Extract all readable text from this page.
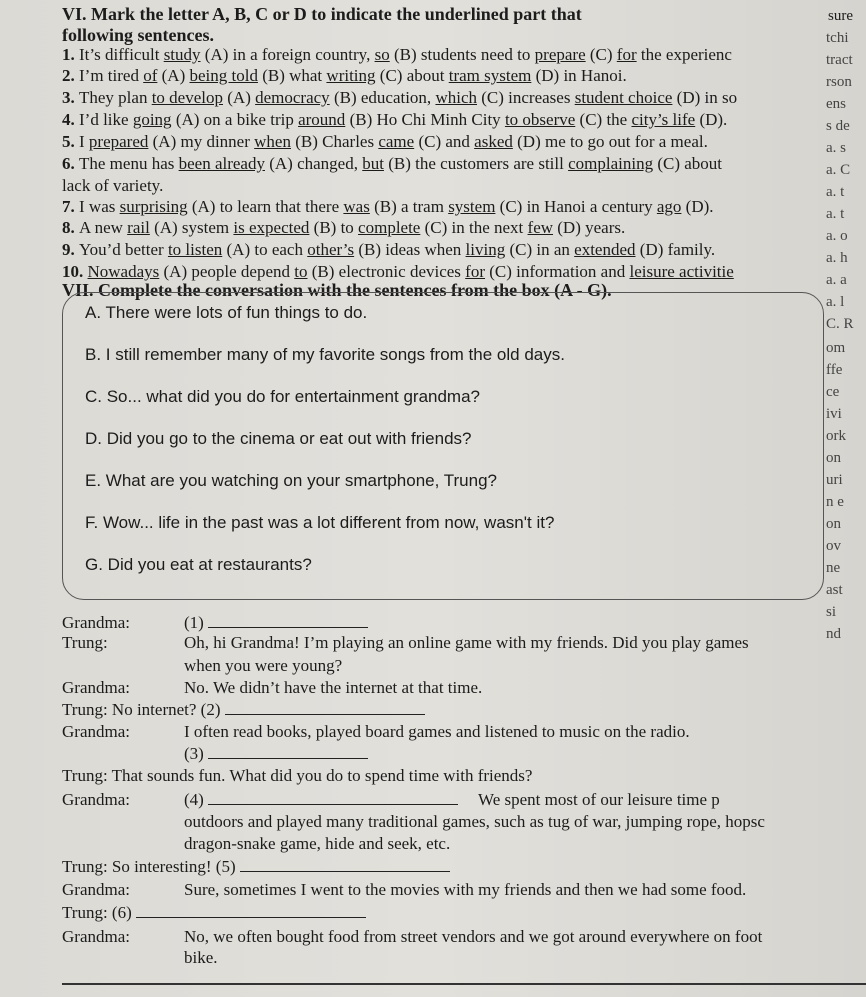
VI. Mark the letter A, B, C or D to indicate the underlined part that	sure
following sentences.
1. It’s difficult study (A) in a foreign country, so (B) students need to prepare (C) for the experienc
2. I’m tired of (A) being told (B) what writing (C) about tram system (D) in Hanoi.
3. They plan to develop (A) democracy (B) education, which (C) increases student choice (D) in so
4. I’d like going (A) on a bike trip around (B) Ho Chi Minh City to observe (C) the city’s life (D).
5. I prepared (A) my dinner when (B) Charles came (C) and asked (D) me to go out for a meal.
6. The menu has been already (A) changed, but (B) the customers are still complaining (C) about
lack of variety.
7. I was surprising (A) to learn that there was (B) a tram system (C) in Hanoi a century ago (D).
8. A new rail (A) system is expected (B) to complete (C) in the next few (D) years.
9. You’d better to listen (A) to each other’s (B) ideas when living (C) in an extended (D) family.
10. Nowadays (A) people depend to (B) electronic devices for (C) information and leisure activitie
VII. Complete the conversation with the sentences from the box (A - G).
A. There were lots of fun things to do.
B. I still remember many of my favorite songs from the old days.
C. So... what did you do for entertainment grandma?
D. Did you go to the cinema or eat out with friends?
E. What are you watching on your smartphone, Trung?
F. Wow... life in the past was a lot different from now, wasn't it?
G. Did you eat at restaurants?
Grandma:	(1)
Trung:	Oh, hi Grandma! I’m playing an online game with my friends. Did you play games
when you were young?
Grandma:	No. We didn’t have the internet at that time.
Trung: No internet? (2)
Grandma:	I often read books, played board games and listened to music on the radio.
(3)
Trung: That sounds fun. What did you do to spend time with friends?
Grandma:	(4)	We spent most of our leisure time p
outdoors and played many traditional games, such as tug of war, jumping rope, hopsc
dragon-snake game, hide and seek, etc.
Trung: So interesting! (5)
Grandma:	Sure, sometimes I went to the movies with my friends and then we had some food.
Trung: (6)
Grandma:	No, we often bought food from street vendors and we got around everywhere on foot
bike.
tchi
tract
rson
ens
s de
a. s
a. C
a. t
a. t
a. o
a. h
a. a
a. l
C. R
om
ffe
ce
ivi
ork
on
uri
n e
on
ov
ne
ast
si
nd
